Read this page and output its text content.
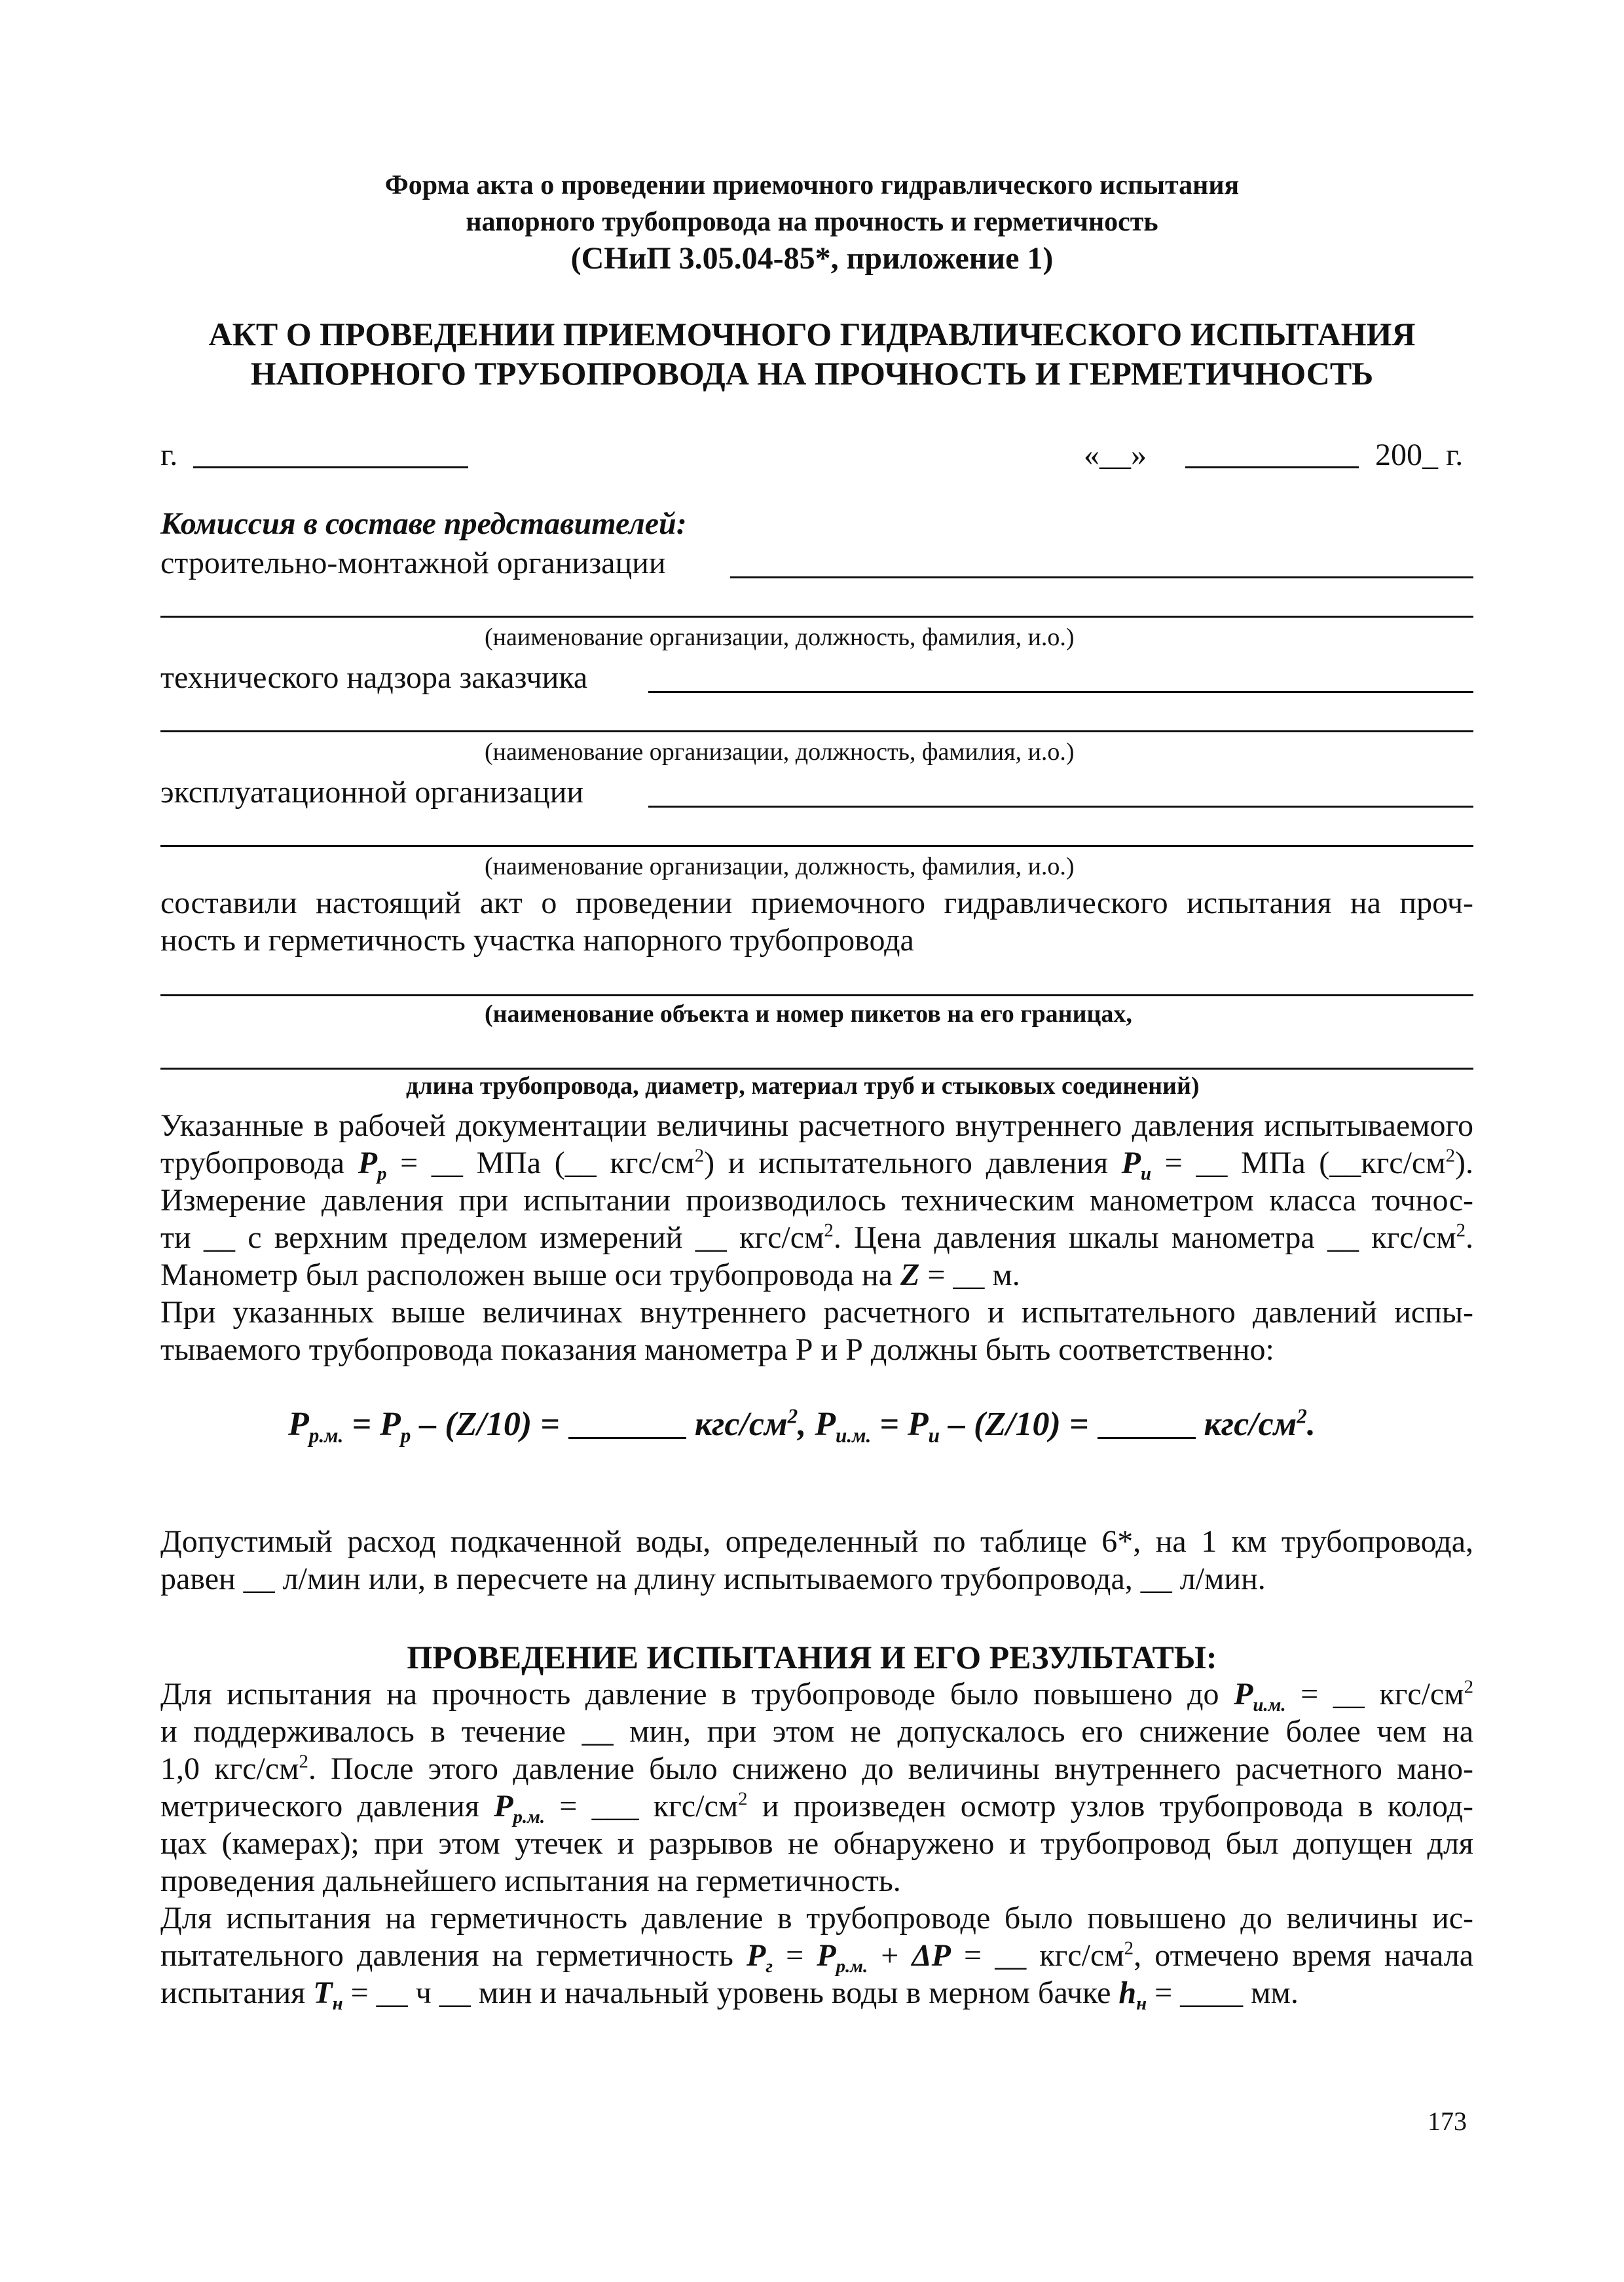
Форма акта о проведении приемочного гидравлического испытания
напорного трубопровода на прочность и герметичность
(СНиП 3.05.04-85*, приложение 1)
АКТ О ПРОВЕДЕНИИ ПРИЕМОЧНОГО ГИДРАВЛИЧЕСКОГО ИСПЫТАНИЯ
НАПОРНОГО ТРУБОПРОВОДА НА ПРОЧНОСТЬ И ГЕРМЕТИЧНОСТЬ
г.	«__»	200_ г.
Комиссия в составе представителей:
строительно-монтажной организации
(наименование организации, должность, фамилия, и.о.)
технического надзора заказчика
(наименование организации, должность, фамилия, и.о.)
эксплуатационной организации
(наименование организации, должность, фамилия, и.о.)
составили настоящий акт о проведении приемочного гидравлического испытания на проч-
ность и герметичность участка напорного трубопровода
(наименование объекта и номер пикетов на его границах,
длина трубопровода, диаметр, материал труб и стыковых соединений)
Указанные в рабочей документации величины расчетного внутреннего давления испытываемого
трубопровода $P_р$ = __ МПа (__ кгс/$см^2$) и испытательного давления $P_и$ = __ МПа $(\_\_кгс/см^2)$.
Измерение давления при испытании производилось техническим манометром класса точнос-
ти __ с верхним пределом измерений __ кгс/$см^2$. Цена давления шкалы манометра __ кгс/$см^2$.
Манометр был расположен выше оси трубопровода на Z = __ м.
При указанных выше величинах внутреннего расчетного и испытательного давлений испы-
тываемого трубопровода показания манометра Р и Р должны быть соответственно:
$P_{р.м.} = P_р - (Z/10)$ =	кгс/$см^2$, $P_{и.м.} = P_и - (Z/10)$ =	кгс/$см^2$.
Допустимый расход подкаченной воды, определенный по таблице 6*, на 1 км трубопровода,
равен __ л/мин или, в пересчете на длину испытываемого трубопровода, __ л/мин.
ПРОВЕДЕНИЕ ИСПЫТАНИЯ И ЕГО РЕЗУЛЬТАТЫ:
Для испытания на прочность давление в трубопроводе было повышено до $P_{и.м.}$ = __ кгс/$см^2$
и поддерживалось в течение __ мин, при этом не допускалось его снижение более чем на
1,0 кгс/$см^2$. После этого давление было снижено до величины внутреннего расчетного мано-
метрического давления $P_{р.м.}$ = ___ кгс/$см^2$ и произведен осмотр узлов трубопровода в колод-
цах (камерах); при этом утечек и разрывов не обнаружено и трубопровод был допущен для
проведения дальнейшего испытания на герметичность.
Для испытания на герметичность давление в трубопроводе было повышено до величины ис-
пытательного давления на герметичность $P_г = P_{р.м.} + \Delta P$ = __ кгс/$см^2$, отмечено время начала
испытания $T_н$ = __ ч __ мин и начальный уровень воды в мерном бачке $h_н$ = ____ мм.
173
